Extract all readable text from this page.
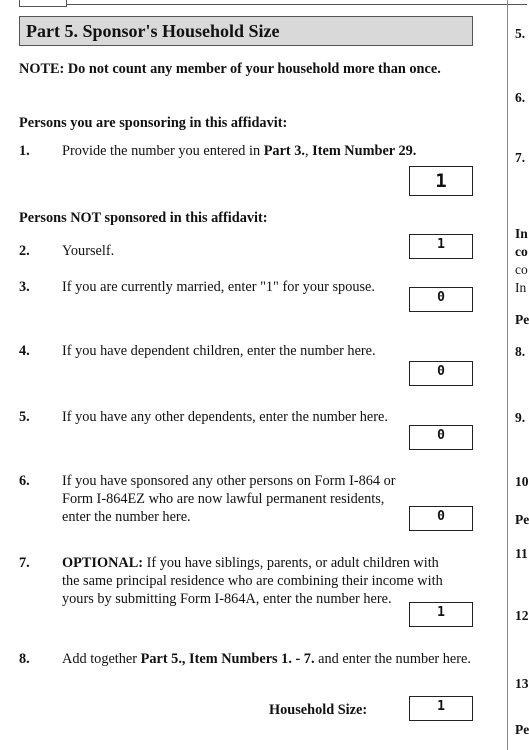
Part 5. Sponsor's Household Size
NOTE: Do not count any member of your household more than once.
Persons you are sponsoring in this affidavit:
1. Provide the number you entered in Part 3., Item Number 29.
1
Persons NOT sponsored in this affidavit:
2. Yourself.	1
3. If you are currently married, enter "1" for your spouse.
0
4. If you have dependent children, enter the number here.
0
5. If you have any other dependents, enter the number here.
0
6. If you have sponsored any other persons on Form I-864 or Form I-864EZ who are now lawful permanent residents, enter the number here.	0
7. OPTIONAL: If you have siblings, parents, or adult children with the same principal residence who are combining their income with yours by submitting Form I-864A, enter the number here.
1
8. Add together Part 5., Item Numbers 1. - 7. and enter the number here.
Household Size:	1
5.
6.
7.
In
co
co
In
Pe
8.
9.
10
Pe
11
12
13
Pe
